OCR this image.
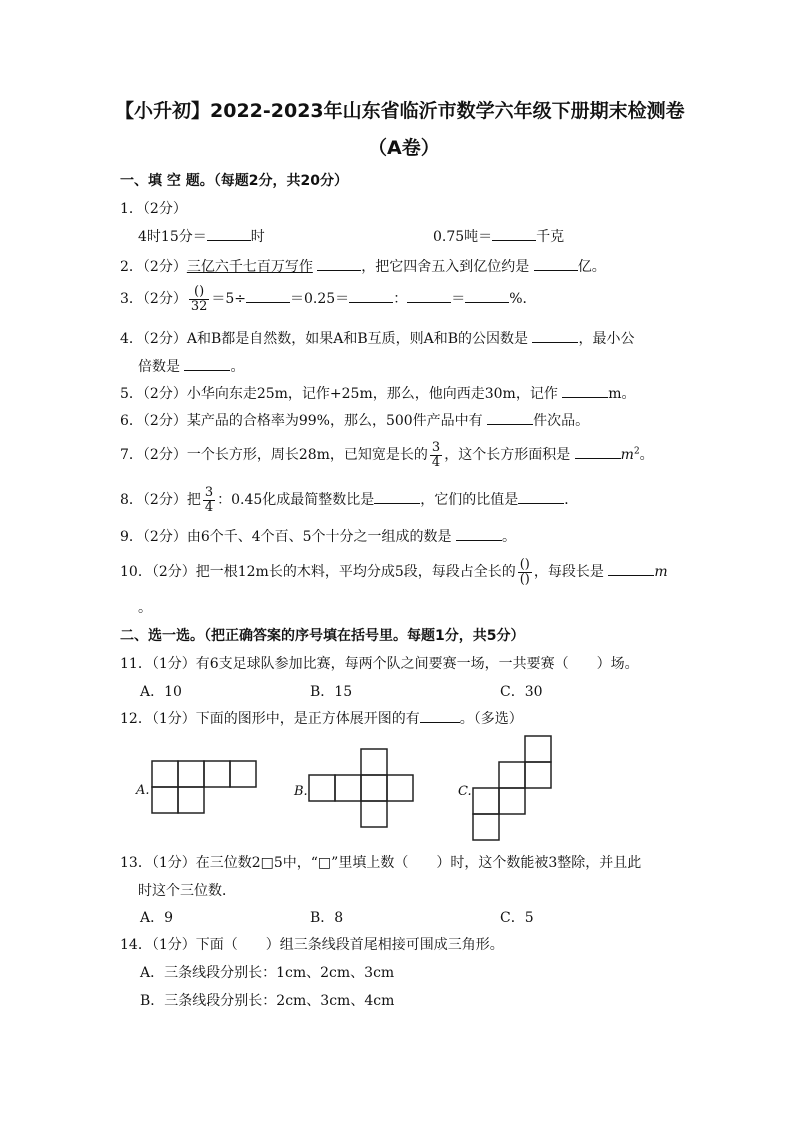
【小升初】2022-2023年山东省临沂市数学六年级下册期末检测卷
（A卷）
一、填 空 题。（每题2分，共20分）
1．（2分）
4时15分＝	时	0.75吨＝	千克
2．（2分）三亿六千七百万写作	，把它四舍五入到亿位约是	亿。
3．（2分） $\frac{()}{32} =5\div$	＝0.25＝	：	＝	%．
4．（2分）A和B都是自然数，如果A和B互质，则A和B的公因数是	，最小公
倍数是	。
5．（2分）小华向东走25m，记作+25m，那么，他向西走30m，记作	m。
6．（2分）某产品的合格率为99%，那么，500件产品中有	件次品。
7．（2分）一个长方形，周长28m，已知宽是长的 $\frac{3}{4}$ ，这个长方形面积是	$m^2$。
8．（2分）把 $\frac{3}{4}$ ：0.45化成最简整数比是	，它们的比值是	．
9．（2分）由6个千、4个百、5个十分之一组成的数是	。
10．（2分）把一根12m长的木料，平均分成5段，每段占全长的 $\frac{()}{()}$ ，每段长是	m
。
二、选一选。（把正确答案的序号填在括号里。每题1分，共5分）
11．（1分）有6支足球队参加比赛，每两个队之间要赛一场，一共要赛（　　）场。
A．10	B．15	C．30
12．（1分）下面的图形中，是正方体展开图的有	。（多选）
A.	B.	C.
13．（1分）在三位数2□5中，“□”里填上数（　　）时，这个数能被3整除，并且此
时这个三位数．
A．9	B．8	C．5
14．（1分）下面（　　）组三条线段首尾相接可围成三角形。
A．三条线段分别长：1cm、2cm、3cm
B．三条线段分别长：2cm、3cm、4cm
